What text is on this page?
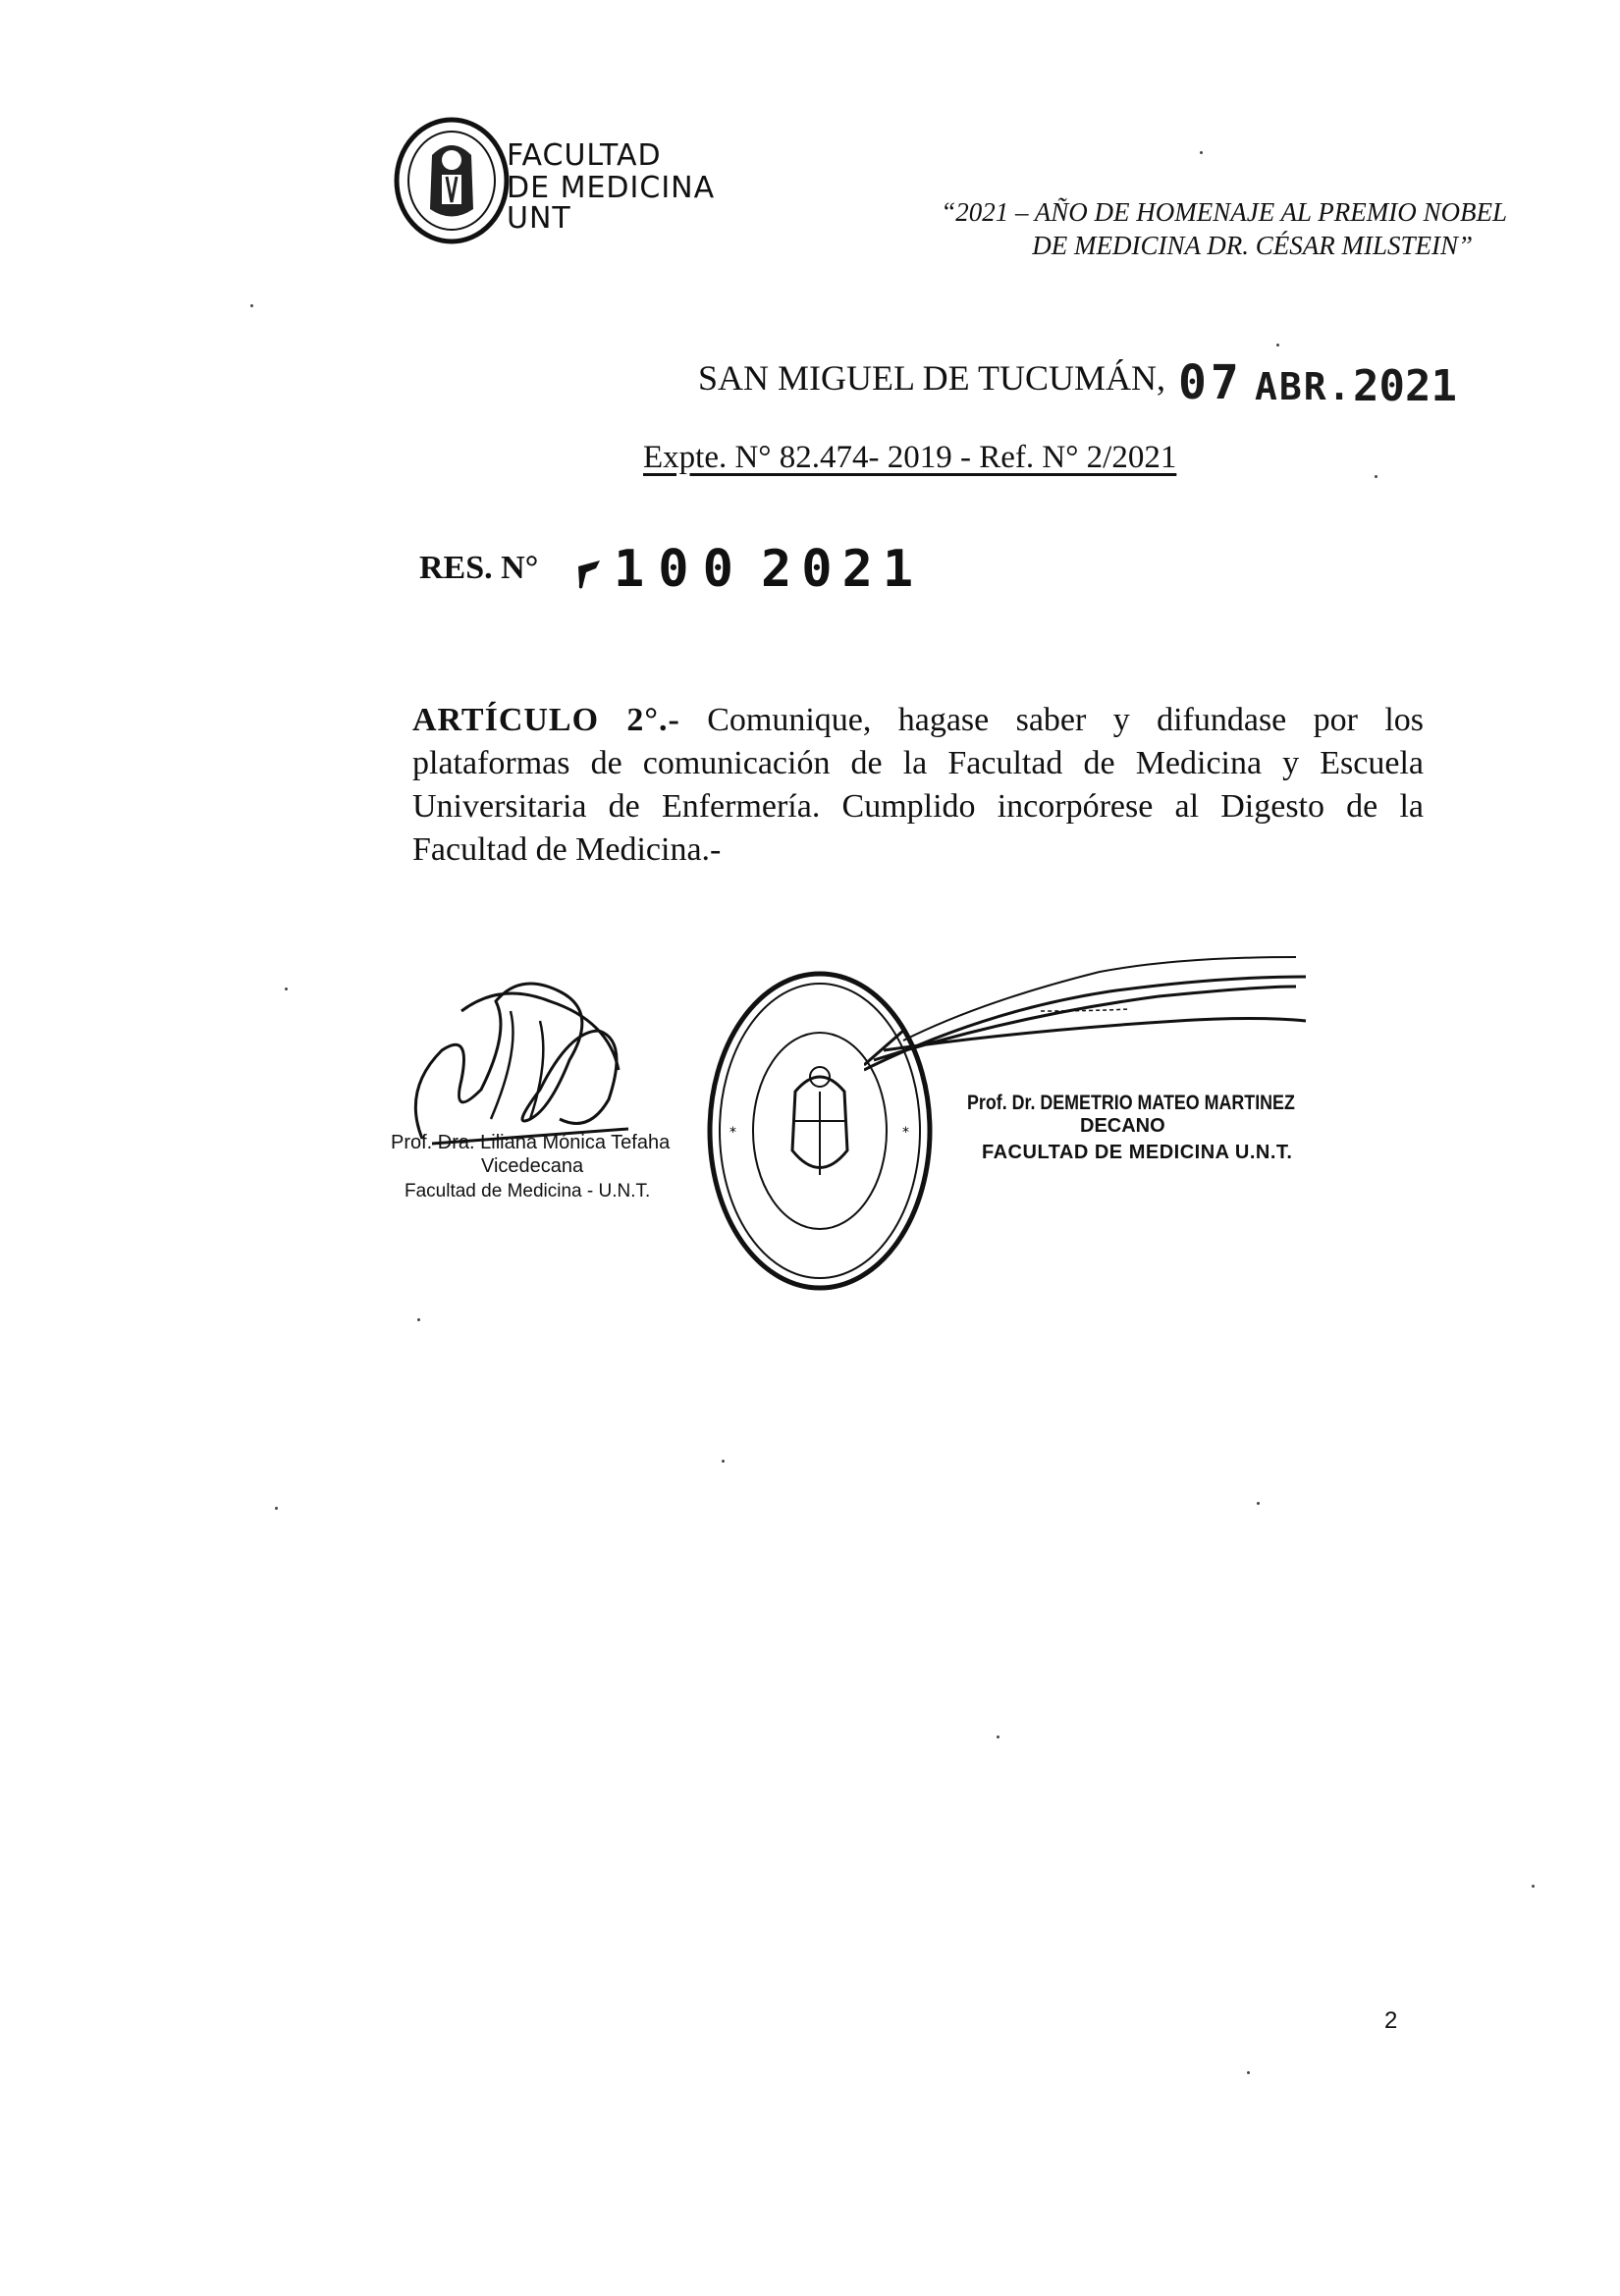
FACULTAD
DE MEDICINA
UNT	“2021 – AÑO DE HOMENAJE AL PREMIO NOBEL
DE MEDICINA DR. CÉSAR MILSTEIN”
SAN MIGUEL DE TUCUMÁN, 07 ABR. 2021
Expte. N° 82.474- 2019 - Ref. N° 2/2021
RES. N° 100 2021
ARTÍCULO 2°.- Comunique, hagase saber y difundase por los plataformas de comunicación de la Facultad de Medicina y Escuela Universitaria de Enfermería. Cumplido incorpórese al Digesto de la Facultad de Medicina.-
Prof. Dra. Liliana Mónica Tefaha
Vicedecana
Facultad de Medicina - U.N.T.
*	*
Prof. Dr. DEMETRIO MATEO MARTINEZ
DECANO
FACULTAD DE MEDICINA U.N.T.
2
